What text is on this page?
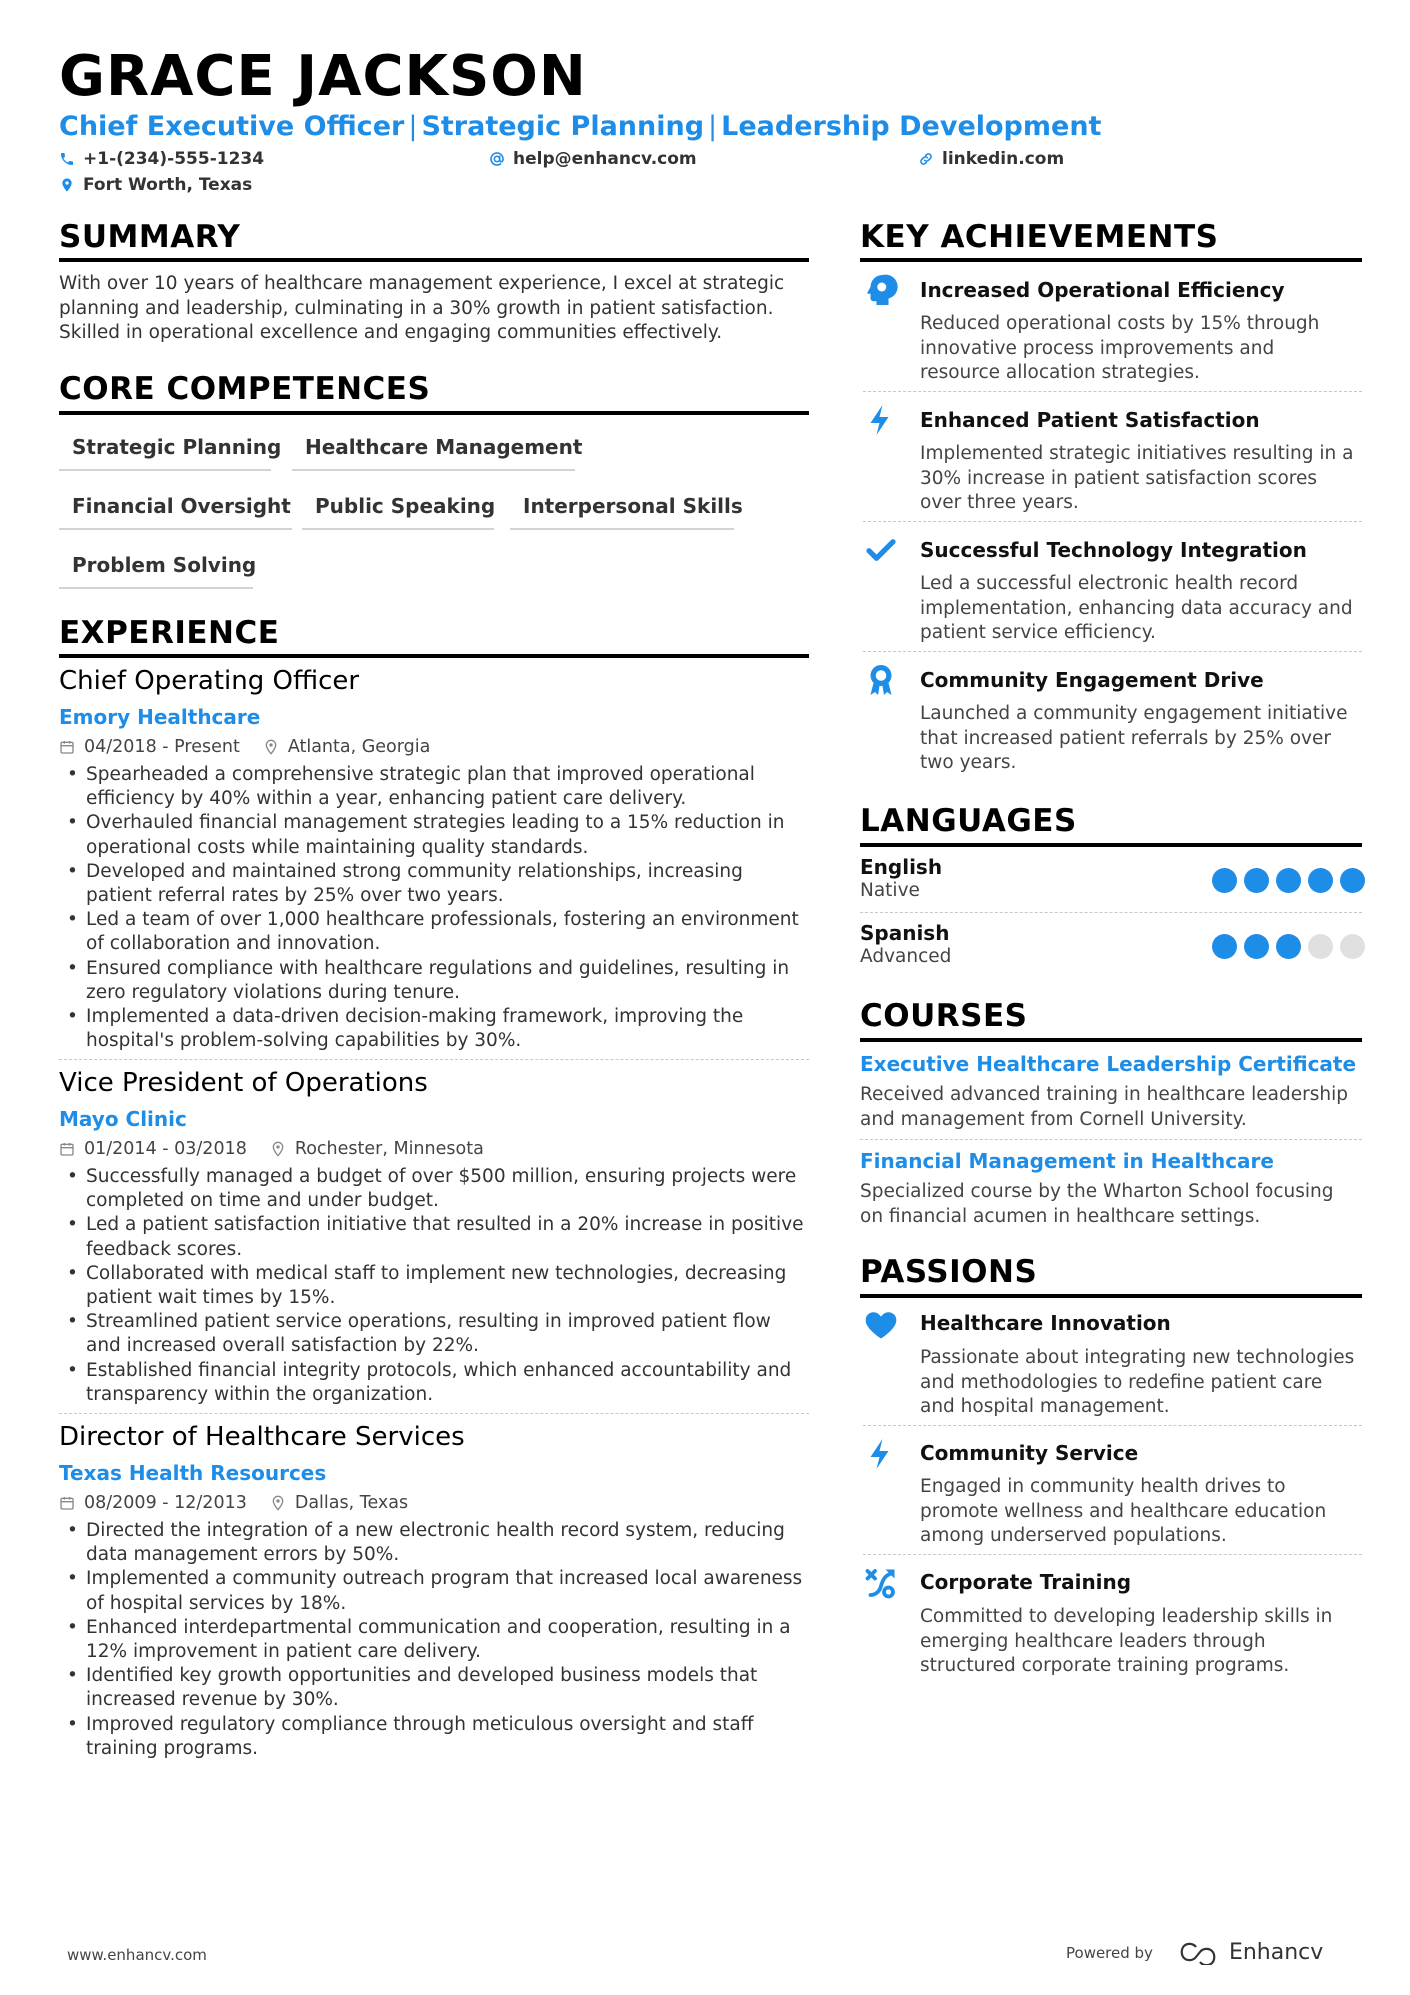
GRACE JACKSON
Chief Executive Officer | Strategic Planning | Leadership Development
+1-(234)-555-1234	help@enhancv.com	linkedin.com
Fort Worth, Texas
SUMMARY
With over 10 years of healthcare management experience, I excel at strategic planning and leadership, culminating in a 30% growth in patient satisfaction. Skilled in operational excellence and engaging communities effectively.
CORE COMPETENCES
Strategic Planning	Healthcare Management
Financial Oversight	Public Speaking	Interpersonal Skills
Problem Solving
EXPERIENCE
Chief Operating Officer
Emory Healthcare
04/2018 - Present	Atlanta, Georgia
• Spearheaded a comprehensive strategic plan that improved operational efficiency by 40% within a year, enhancing patient care delivery.
• Overhauled financial management strategies leading to a 15% reduction in operational costs while maintaining quality standards.
• Developed and maintained strong community relationships, increasing patient referral rates by 25% over two years.
• Led a team of over 1,000 healthcare professionals, fostering an environment of collaboration and innovation.
• Ensured compliance with healthcare regulations and guidelines, resulting in zero regulatory violations during tenure.
• Implemented a data-driven decision-making framework, improving the hospital's problem-solving capabilities by 30%.
Vice President of Operations
Mayo Clinic
01/2014 - 03/2018	Rochester, Minnesota
• Successfully managed a budget of over $500 million, ensuring projects were completed on time and under budget.
• Led a patient satisfaction initiative that resulted in a 20% increase in positive feedback scores.
• Collaborated with medical staff to implement new technologies, decreasing patient wait times by 15%.
• Streamlined patient service operations, resulting in improved patient flow and increased overall satisfaction by 22%.
• Established financial integrity protocols, which enhanced accountability and transparency within the organization.
Director of Healthcare Services
Texas Health Resources
08/2009 - 12/2013	Dallas, Texas
• Directed the integration of a new electronic health record system, reducing data management errors by 50%.
• Implemented a community outreach program that increased local awareness of hospital services by 18%.
• Enhanced interdepartmental communication and cooperation, resulting in a 12% improvement in patient care delivery.
• Identified key growth opportunities and developed business models that increased revenue by 30%.
• Improved regulatory compliance through meticulous oversight and staff training programs.
KEY ACHIEVEMENTS
Increased Operational Efficiency
Reduced operational costs by 15% through innovative process improvements and resource allocation strategies.
Enhanced Patient Satisfaction
Implemented strategic initiatives resulting in a 30% increase in patient satisfaction scores over three years.
Successful Technology Integration
Led a successful electronic health record implementation, enhancing data accuracy and patient service efficiency.
Community Engagement Drive
Launched a community engagement initiative that increased patient referrals by 25% over two years.
LANGUAGES
English
Native
Spanish
Advanced
COURSES
Executive Healthcare Leadership Certificate
Received advanced training in healthcare leadership and management from Cornell University.
Financial Management in Healthcare
Specialized course by the Wharton School focusing on financial acumen in healthcare settings.
PASSIONS
Healthcare Innovation
Passionate about integrating new technologies and methodologies to redefine patient care and hospital management.
Community Service
Engaged in community health drives to promote wellness and healthcare education among underserved populations.
Corporate Training
Committed to developing leadership skills in emerging healthcare leaders through structured corporate training programs.
www.enhancv.com	Powered by	Enhancv
